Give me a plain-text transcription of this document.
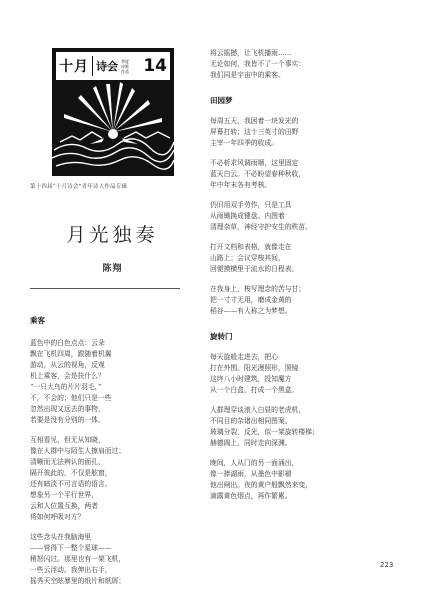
十月 诗会 季度
诗歌
作品 14
第十四届“十月诗会”青年诗人作品专辑
月光独奏
陈翔
乘客
蓝色中的白色点点：云朵
飘在飞机四周，跟随着机翼
游动，从云的视角，反观
机上乘客，会是扶什么？
“一只大鸟的片片羽毛，”
不，不会的；他们只是一些
忽然出现又远去的事物，
若要是没有分别的一体。
互相看见，但无从知晓，
像在人群中与陌生人擦肩而过；
清晰而无法辨认的面孔，
隔开彼此的，不仅是舷窗，
还有暗淡不可言语的语言。
想象另一个平行世界，
云和人位置互换，两者
将如何呼吸对方？
这些念头在我脑海里
——营得下一整个星球——
稍怒闪过。那里也有一架飞机，
一些云浮动。我伸出右手，
摇秀天空眩暴里的纸片和纸屑；
将云摇撼，让飞机播雨……
无论如何，我皆不了一个事实：
我们同是宇宙中的乘客。
田园梦
每周五天，我困着一块发光的
屏幕打转；这十三英寸的田野
主宰一年四季的收成。
不必析求风调雨顺，这里固定
蓝天白云。不必盼望春种秋收，
年中年末各有考核。
仍旧用双手劳作，只是工具
从雨锄换成键盘。内图着
清理杂草，神经守护安生的秩苗。
打开文档和表格，就像走在
山路上；会议穿梭其间，
回便摸横里于流水的日程表。
在我身上，梭写理念的苦与甘；
把一寸寸无用，磨成金黄的
稻谷——有人称之为梦想。
旋转门
每天旋般走进去，把心
打在外围。阳光漫照形，照镜
这终八小时建筑，投知魔方
从一个白盒，打成一个黑盒。
人群理穿谈滚入白昼的老虎机，
不同目的杂诸出相同图案。
玻璃分裂，反光，似一架旋转楼梯；
赫德阁上，同时走向深渊。
晚间，人从门的另一面涌出，
像一捧湖雨，从墨色中影褪
他出闸出。夜的黄户般飘然来变，
滴露黄色烟点，再作繁累。
223
